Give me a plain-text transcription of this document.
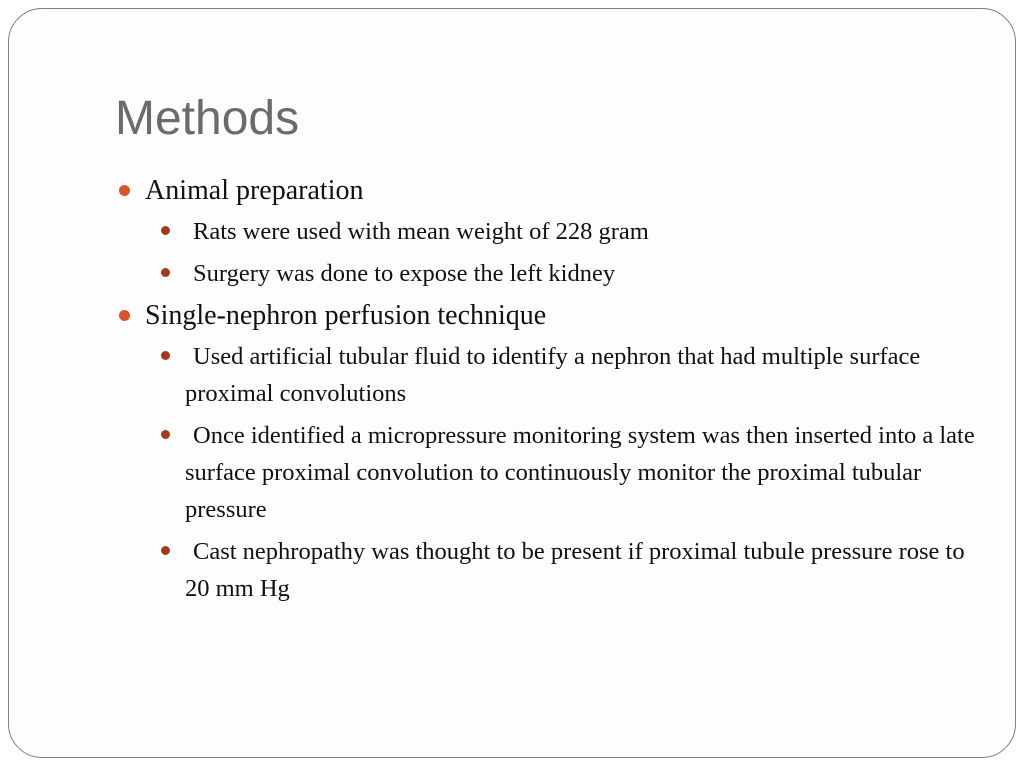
Methods
Animal preparation
Rats were used with mean weight of 228 gram
Surgery was done to expose the left kidney
Single-nephron perfusion technique
Used artificial tubular fluid to identify a nephron that had multiple surface proximal convolutions
Once identified a micropressure monitoring system was then inserted into a late surface proximal convolution to continuously monitor the proximal tubular pressure
Cast nephropathy was thought to be present if proximal tubule pressure rose to 20 mm Hg
